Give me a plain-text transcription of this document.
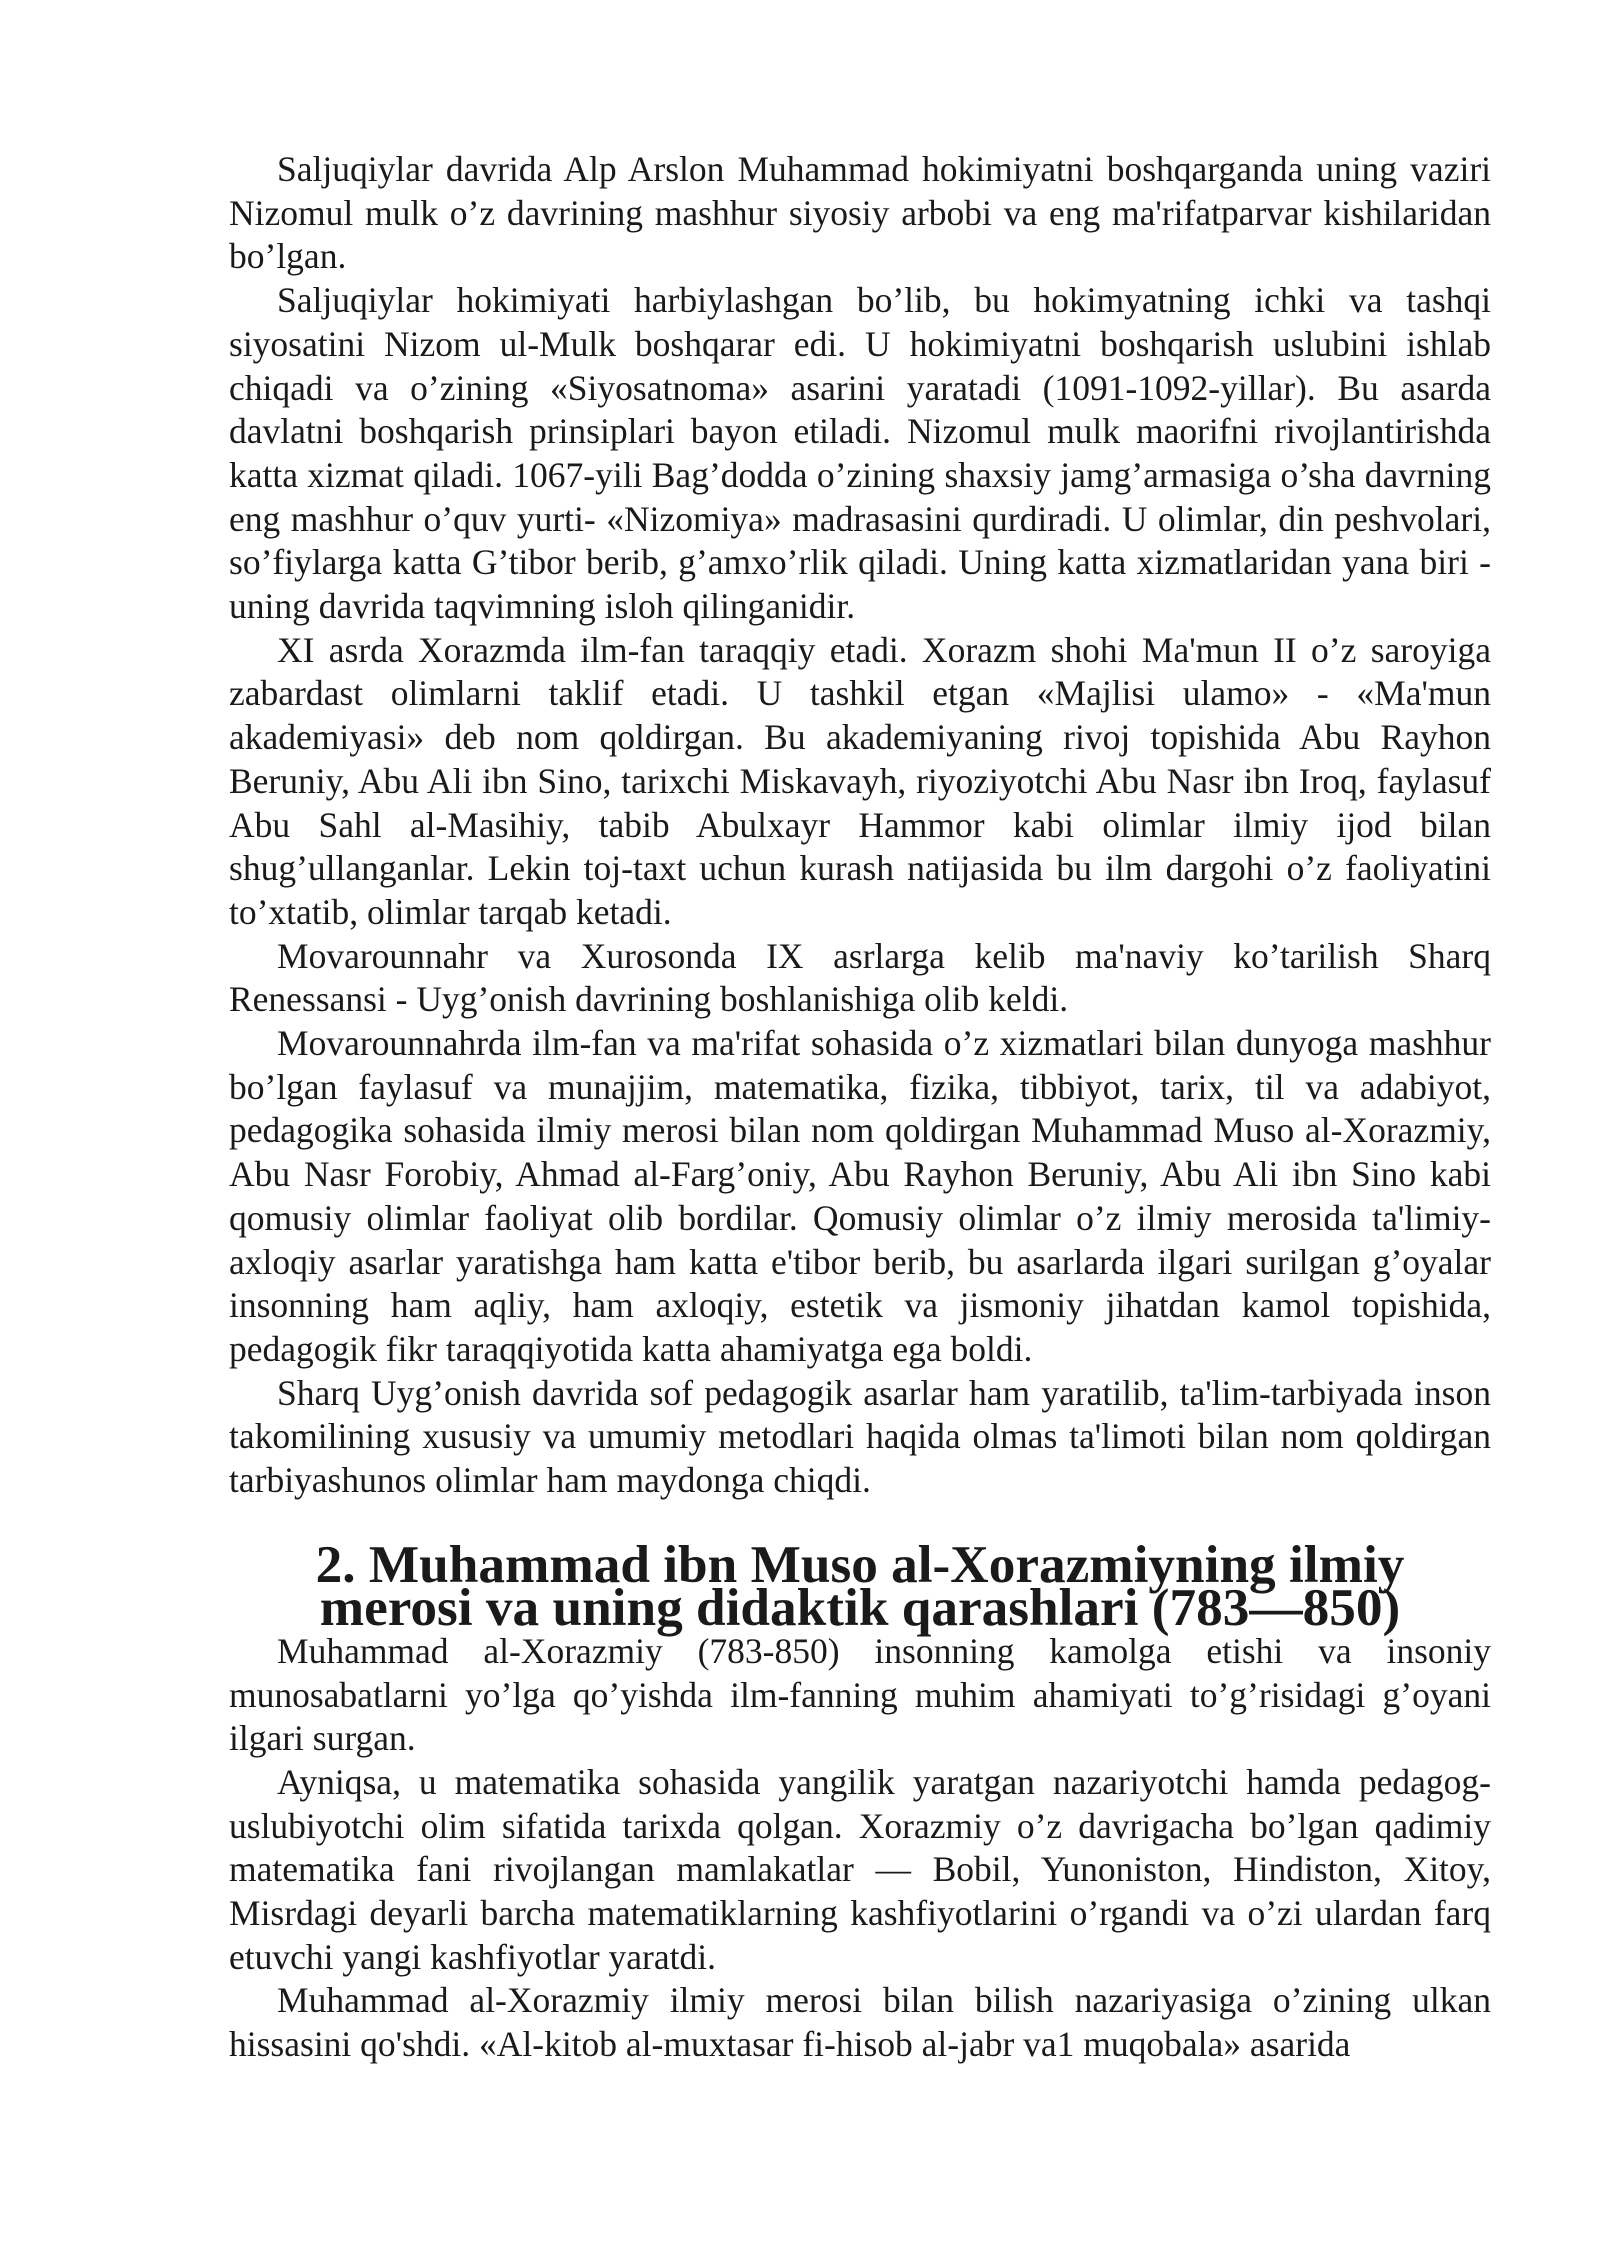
Saljuqiylar davrida Alp Arslon Muhammad hokimiyatni boshqarganda uning vaziri Nizomul mulk o’z davrining mashhur siyosiy arbobi va eng ma'rifatparvar kishilaridan bo’lgan.

Saljuqiylar hokimiyati harbiylashgan bo’lib, bu hokimyatning ichki va tashqi siyosatini Nizom ul-Mulk boshqarar edi. U hokimiyatni boshqarish uslubini ishlab chiqadi va o’zining «Siyosatnoma» asarini yaratadi (1091-1092-yillar). Bu asarda davlatni boshqarish prinsiplari bayon etiladi. Nizomul mulk maorifni rivojlantirishda katta xizmat qiladi. 1067-yili Bag’dodda o’zining shaxsiy jamg’armasiga o’sha davrning eng mashhur o’quv yurti- «Nizomiya» madrasasini qurdiradi. U olimlar, din peshvolari, so’fiylarga katta G’tibor berib, g’amxo’rlik qiladi. Uning katta xizmatlaridan yana biri - uning davrida taqvimning isloh qilinganidir.

XI asrda Xorazmda ilm-fan taraqqiy etadi. Xorazm shohi Ma'mun II o’z saroyiga zabardast olimlarni taklif etadi. U tashkil etgan «Majlisi ulamo» - «Ma'mun akademiyasi» deb nom qoldirgan. Bu akademiyaning rivoj topishida Abu Rayhon Beruniy, Abu Ali ibn Sino, tarixchi Miskavayh, riyoziyotchi Abu Nasr ibn Iroq, faylasuf Abu Sahl al-Masihiy, tabib Abulxayr Hammor kabi olimlar ilmiy ijod bilan shug’ullanganlar. Lekin toj-taxt uchun kurash natijasida bu ilm dargohi o’z faoliyatini to’xtatib, olimlar tarqab ketadi.

Movarounnahr va Xurosonda IX asrlarga kelib ma'naviy ko’tarilish Sharq Renessansi - Uyg’onish davrining boshlanishiga olib keldi.

Movarounnahrda ilm-fan va ma'rifat sohasida o’z xizmatlari bilan dunyoga mashhur bo’lgan faylasuf va munajjim, matematika, fizika, tibbiyot, tarix, til va adabiyot, pedagogika sohasida ilmiy merosi bilan nom qoldirgan Muhammad Muso al-Xorazmiy, Abu Nasr Forobiy, Ahmad al-Farg’oniy, Abu Rayhon Beruniy, Abu Ali ibn Sino kabi qomusiy olimlar faoliyat olib bordilar. Qomusiy olimlar o’z ilmiy merosida ta'limiy-axloqiy asarlar yaratishga ham katta e'tibor berib, bu asarlarda ilgari surilgan g’oyalar insonning ham aqliy, ham axloqiy, estetik va jismoniy jihatdan kamol topishida, pedagogik fikr taraqqiyotida katta ahamiyatga ega boldi.

Sharq Uyg’onish davrida sof pedagogik asarlar ham yaratilib, ta'lim-tarbiyada inson takomilining xususiy va umumiy metodlari haqida olmas ta'limoti bilan nom qoldirgan tarbiyashunos olimlar ham maydonga chiqdi.

2. Muhammad ibn Muso al-Xorazmiyning ilmiy merosi va uning didaktik qarashlari (783—850)

Muhammad al-Xorazmiy (783-850) insonning kamolga etishi va insoniy munosabatlarni yo’lga qo’yishda ilm-fanning muhim ahamiyati to’g’risidagi g’oyani ilgari surgan.

Ayniqsa, u matematika sohasida yangilik yaratgan nazariyotchi hamda pedagog-uslubiyotchi olim sifatida tarixda qolgan. Xorazmiy o’z davrigacha bo’lgan qadimiy matematika fani rivojlangan mamlakatlar — Bobil, Yunoniston, Hindiston, Xitoy, Misrdagi deyarli barcha matematiklarning kashfiyotlarini o’rgandi va o’zi ulardan farq etuvchi yangi kashfiyotlar yaratdi.

Muhammad al-Xorazmiy ilmiy merosi bilan bilish nazariyasiga o’zining ulkan hissasini qo'shdi. «Al-kitob al-muxtasar fi-hisob al-jabr va1 muqobala» asarida
